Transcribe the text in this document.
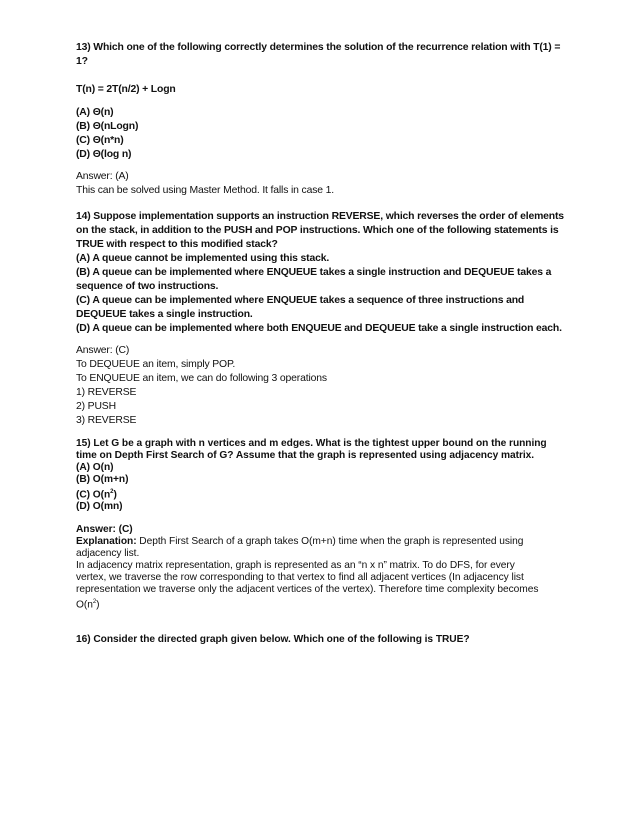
13) Which one of the following correctly determines the solution of the recurrence relation with T(1) =
1?
T(n) = 2T(n/2) + Logn
(A) Θ(n)
(B) Θ(nLogn)
(C) Θ(n*n)
(D) Θ(log n)
Answer: (A)
This can be solved using Master Method. It falls in case 1.
14) Suppose implementation supports an instruction REVERSE, which reverses the order of elements
on the stack, in addition to the PUSH and POP instructions. Which one of the following statements is
TRUE with respect to this modified stack?
(A) A queue cannot be implemented using this stack.
(B) A queue can be implemented where ENQUEUE takes a single instruction and DEQUEUE takes a
sequence of two instructions.
(C) A queue can be implemented where ENQUEUE takes a sequence of three instructions and
DEQUEUE takes a single instruction.
(D) A queue can be implemented where both ENQUEUE and DEQUEUE take a single instruction each.
Answer: (C)
To DEQUEUE an item, simply POP.
To ENQUEUE an item, we can do following 3 operations
1) REVERSE
2) PUSH
3) REVERSE
15) Let G be a graph with n vertices and m edges. What is the tightest upper bound on the running
time on Depth First Search of G? Assume that the graph is represented using adjacency matrix.
(A) O(n)
(B) O(m+n)
(C) $O(n^2)$
(D) O(mn)
Answer: (C)
Explanation: Depth First Search of a graph takes O(m+n) time when the graph is represented using
adjacency list.
In adjacency matrix representation, graph is represented as an “n x n” matrix. To do DFS, for every
vertex, we traverse the row corresponding to that vertex to find all adjacent vertices (In adjacency list
representation we traverse only the adjacent vertices of the vertex). Therefore time complexity becomes
$O(n^2)$
16) Consider the directed graph given below. Which one of the following is TRUE?
